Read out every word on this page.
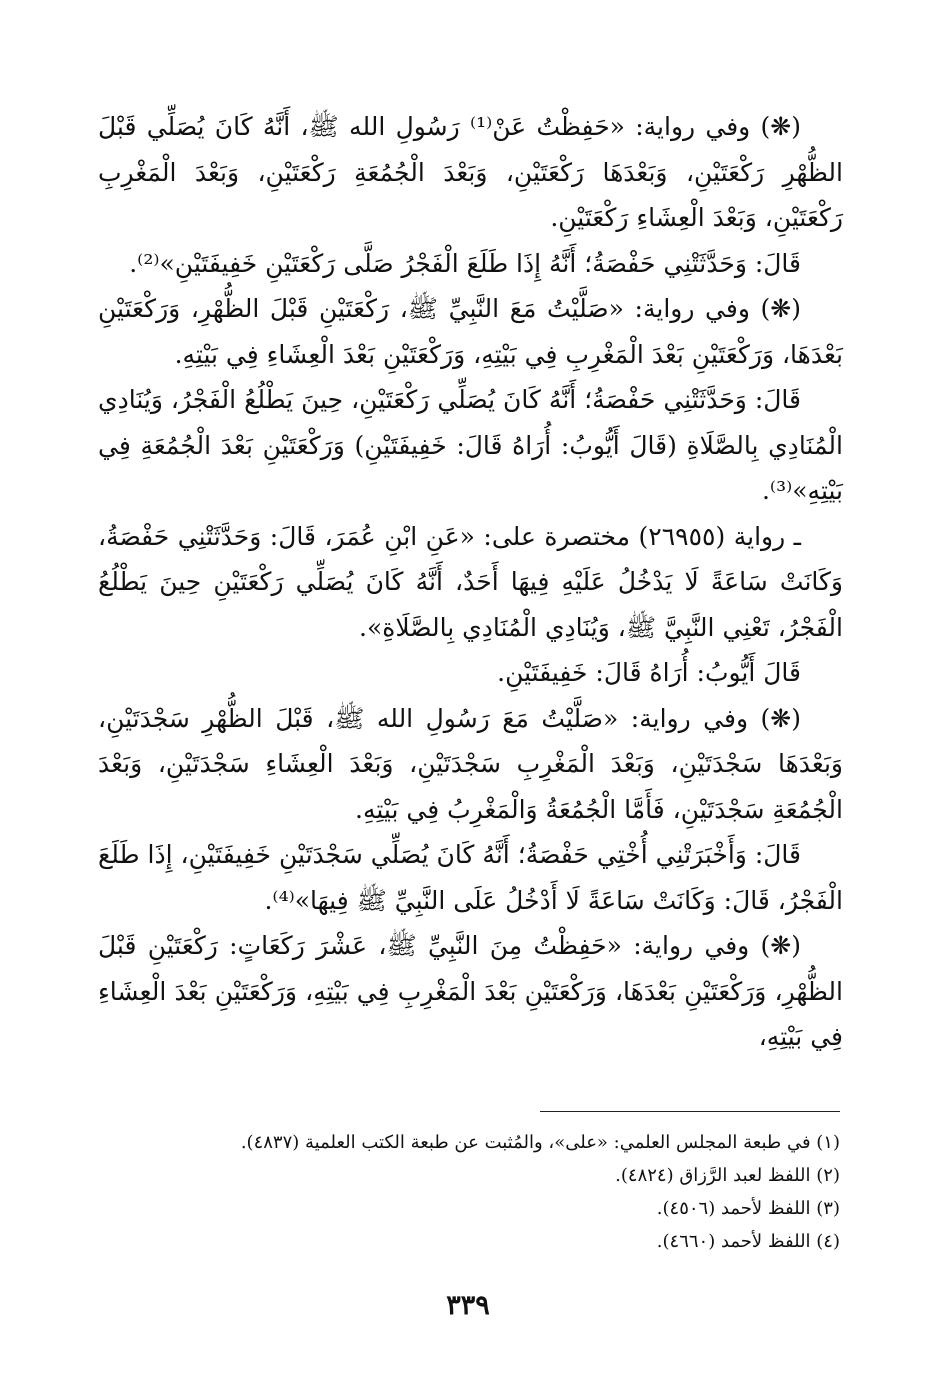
(❋) وفي رواية: «حَفِظْتُ عَنْ⁽¹⁾ رَسُولِ الله ﷺ، أَنَّهُ كَانَ يُصَلِّي قَبْلَ الظُّهْرِ رَكْعَتَيْنِ، وَبَعْدَهَا رَكْعَتَيْنِ، وَبَعْدَ الْجُمُعَةِ رَكْعَتَيْنِ، وَبَعْدَ الْمَغْرِبِ رَكْعَتَيْنِ، وَبَعْدَ الْعِشَاءِ رَكْعَتَيْنِ.

قَالَ: وَحَدَّثَتْنِي حَفْصَةُ؛ أَنَّهُ إِذَا طَلَعَ الْفَجْرُ صَلَّى رَكْعَتَيْنِ خَفِيفَتَيْنِ»⁽²⁾.

(❋) وفي رواية: «صَلَّيْتُ مَعَ النَّبِيِّ ﷺ، رَكْعَتَيْنِ قَبْلَ الظُّهْرِ، وَرَكْعَتَيْنِ بَعْدَهَا، وَرَكْعَتَيْنِ بَعْدَ الْمَغْرِبِ فِي بَيْتِهِ، وَرَكْعَتَيْنِ بَعْدَ الْعِشَاءِ فِي بَيْتِهِ.

قَالَ: وَحَدَّثَتْنِي حَفْصَةُ؛ أَنَّهُ كَانَ يُصَلِّي رَكْعَتَيْنِ، حِينَ يَطْلُعُ الْفَجْرُ، وَيُنَادِي الْمُنَادِي بِالصَّلَاةِ (قَالَ أَيُّوبُ: أُرَاهُ قَالَ: خَفِيفَتَيْنِ) وَرَكْعَتَيْنِ بَعْدَ الْجُمُعَةِ فِي بَيْتِهِ»⁽³⁾.

ـ رواية (٢٦٩٥٥) مختصرة على: «عَنِ ابْنِ عُمَرَ، قَالَ: وَحَدَّثَتْنِي حَفْصَةُ، وَكَانَتْ سَاعَةً لَا يَدْخُلُ عَلَيْهِ فِيهَا أَحَدٌ، أَنَّهُ كَانَ يُصَلِّي رَكْعَتَيْنِ حِينَ يَطْلُعُ الْفَجْرُ، تَعْنِي النَّبِيَّ ﷺ، وَيُنَادِي الْمُنَادِي بِالصَّلَاةِ».

قَالَ أَيُّوبُ: أُرَاهُ قَالَ: خَفِيفَتَيْنِ.

(❋) وفي رواية: «صَلَّيْتُ مَعَ رَسُولِ الله ﷺ، قَبْلَ الظُّهْرِ سَجْدَتَيْنِ، وَبَعْدَهَا سَجْدَتَيْنِ، وَبَعْدَ الْمَغْرِبِ سَجْدَتَيْنِ، وَبَعْدَ الْعِشَاءِ سَجْدَتَيْنِ، وَبَعْدَ الْجُمُعَةِ سَجْدَتَيْنِ، فَأَمَّا الْجُمُعَةُ وَالْمَغْرِبُ فِي بَيْتِهِ.

قَالَ: وَأَخْبَرَتْنِي أُخْتِي حَفْصَةُ؛ أَنَّهُ كَانَ يُصَلِّي سَجْدَتَيْنِ خَفِيفَتَيْنِ، إِذَا طَلَعَ الْفَجْرُ، قَالَ: وَكَانَتْ سَاعَةً لَا أَدْخُلُ عَلَى النَّبِيِّ ﷺ فِيهَا»⁽⁴⁾.

(❋) وفي رواية: «حَفِظْتُ مِنَ النَّبِيِّ ﷺ، عَشْرَ رَكَعَاتٍ: رَكْعَتَيْنِ قَبْلَ الظُّهْرِ، وَرَكْعَتَيْنِ بَعْدَهَا، وَرَكْعَتَيْنِ بَعْدَ الْمَغْرِبِ فِي بَيْتِهِ، وَرَكْعَتَيْنِ بَعْدَ الْعِشَاءِ فِي بَيْتِهِ،

(١) في طبعة المجلس العلمي: «على»، والمُثبت عن طبعة الكتب العلمية (٤٨٣٧).

(٢) اللفظ لعبد الرَّزاق (٤٨٢٤).

(٣) اللفظ لأحمد (٤٥٠٦).

(٤) اللفظ لأحمد (٤٦٦٠).

٣٣٩
